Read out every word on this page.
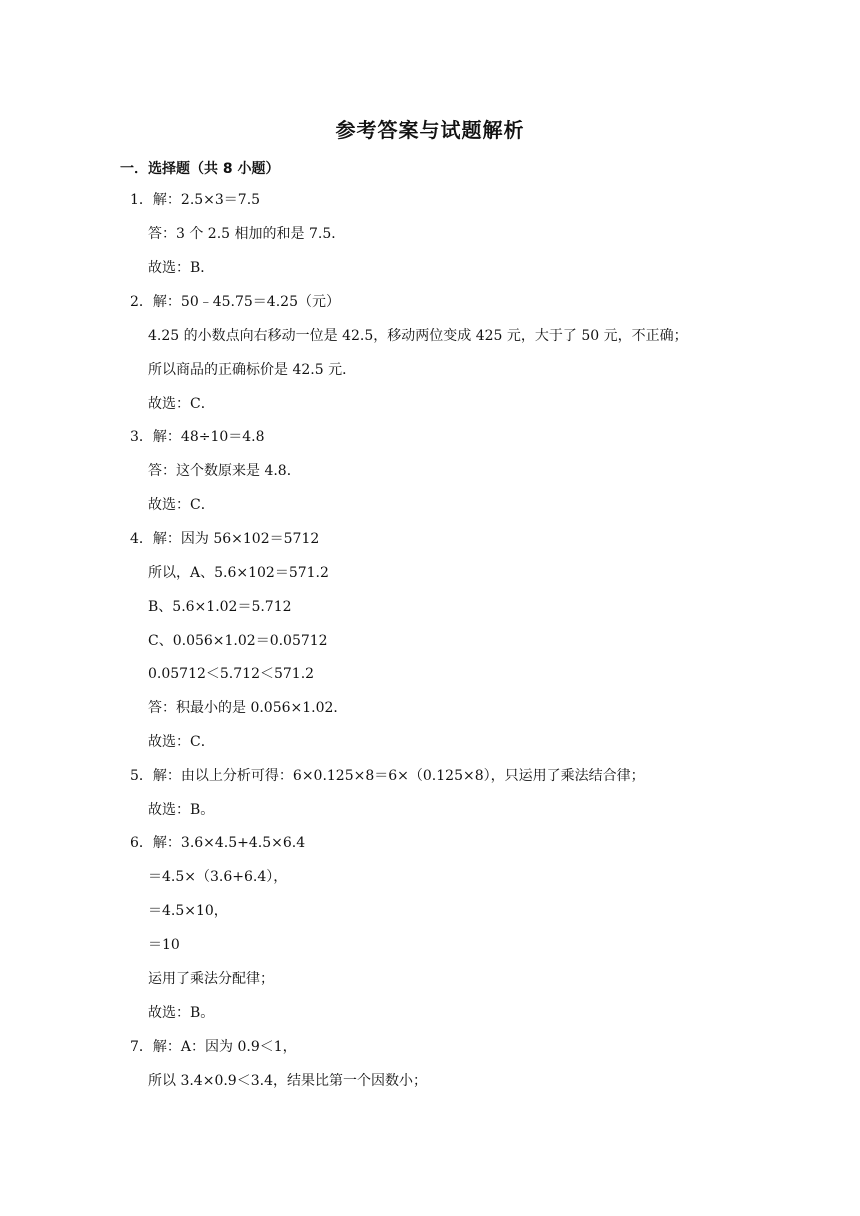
参考答案与试题解析
一．选择题（共 8 小题）
1．解：2.5×3＝7.5
答：3 个 2.5 相加的和是 7.5．
故选：B．
2．解：50﹣45.75＝4.25（元）
4.25 的小数点向右移动一位是 42.5，移动两位变成 425 元，大于了 50 元，不正确；
所以商品的正确标价是 42.5 元．
故选：C．
3．解：48÷10＝4.8
答：这个数原来是 4.8．
故选：C．
4．解：因为 56×102＝5712
所以，A、5.6×102＝571.2
B、5.6×1.02＝5.712
C、0.056×1.02＝0.05712
0.05712＜5.712＜571.2
答：积最小的是 0.056×1.02．
故选：C．
5．解：由以上分析可得：6×0.125×8＝6×（0.125×8），只运用了乘法结合律；
故选：B。
6．解：3.6×4.5+4.5×6.4
＝4.5×（3.6+6.4），
＝4.5×10，
＝10
运用了乘法分配律；
故选：B。
7．解：A：因为 0.9＜1，
所以 3.4×0.9＜3.4，结果比第一个因数小；
